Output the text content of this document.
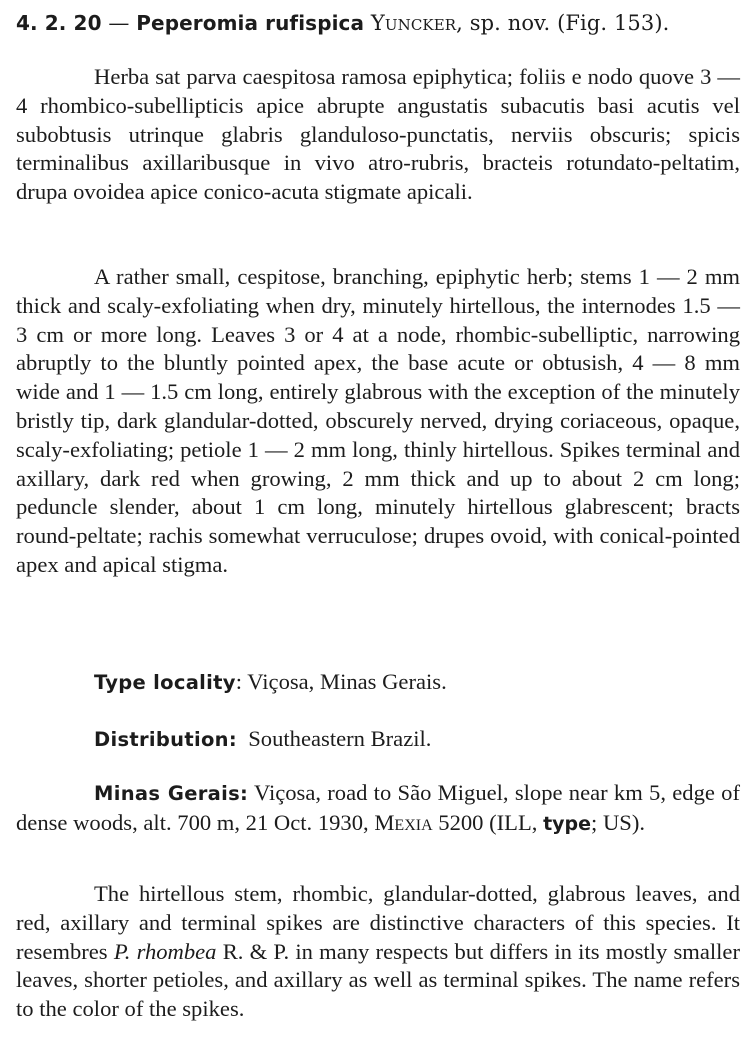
4. 2. 20 — Peperomia rufispica Yuncker, sp. nov. (Fig. 153).

Herba sat parva caespitosa ramosa epiphytica; foliis e nodo quove 3 — 4 rhombico-subellipticis apice abrupte angustatis subacutis basi acutis vel subobtusis utrinque glabris glanduloso-punctatis, nerviis obscuris; spicis terminalibus axillaribusque in vivo atro-rubris, bracteis rotundato-peltatim, drupa ovoidea apice conico-acuta stigmate apicali.

A rather small, cespitose, branching, epiphytic herb; stems 1 — 2 mm thick and scaly-exfoliating when dry, minutely hirtellous, the internodes 1.5 — 3 cm or more long. Leaves 3 or 4 at a node, rhombic-subelliptic, narrowing abruptly to the bluntly pointed apex, the base acute or obtusish, 4 — 8 mm wide and 1 — 1.5 cm long, entirely glabrous with the exception of the minutely bristly tip, dark glandular-dotted, obscurely nerved, drying coriaceous, opaque, scaly-exfoliating; petiole 1 — 2 mm long, thinly hirtellous. Spikes terminal and axillary, dark red when growing, 2 mm thick and up to about 2 cm long; peduncle slender, about 1 cm long, minutely hirtellous glabrescent; bracts round-peltate; rachis somewhat verruculose; drupes ovoid, with conical-pointed apex and apical stigma.

Type locality: Viçosa, Minas Gerais.

Distribution: Southeastern Brazil.

Minas Gerais: Viçosa, road to São Miguel, slope near km 5, edge of dense woods, alt. 700 m, 21 Oct. 1930, Mexia 5200 (ILL, type; US).

The hirtellous stem, rhombic, glandular-dotted, glabrous leaves, and red, axillary and terminal spikes are distinctive characters of this species. It resembres P. rhombea R. & P. in many respects but differs in its mostly smaller leaves, shorter petioles, and axillary as well as terminal spikes. The name refers to the color of the spikes.
